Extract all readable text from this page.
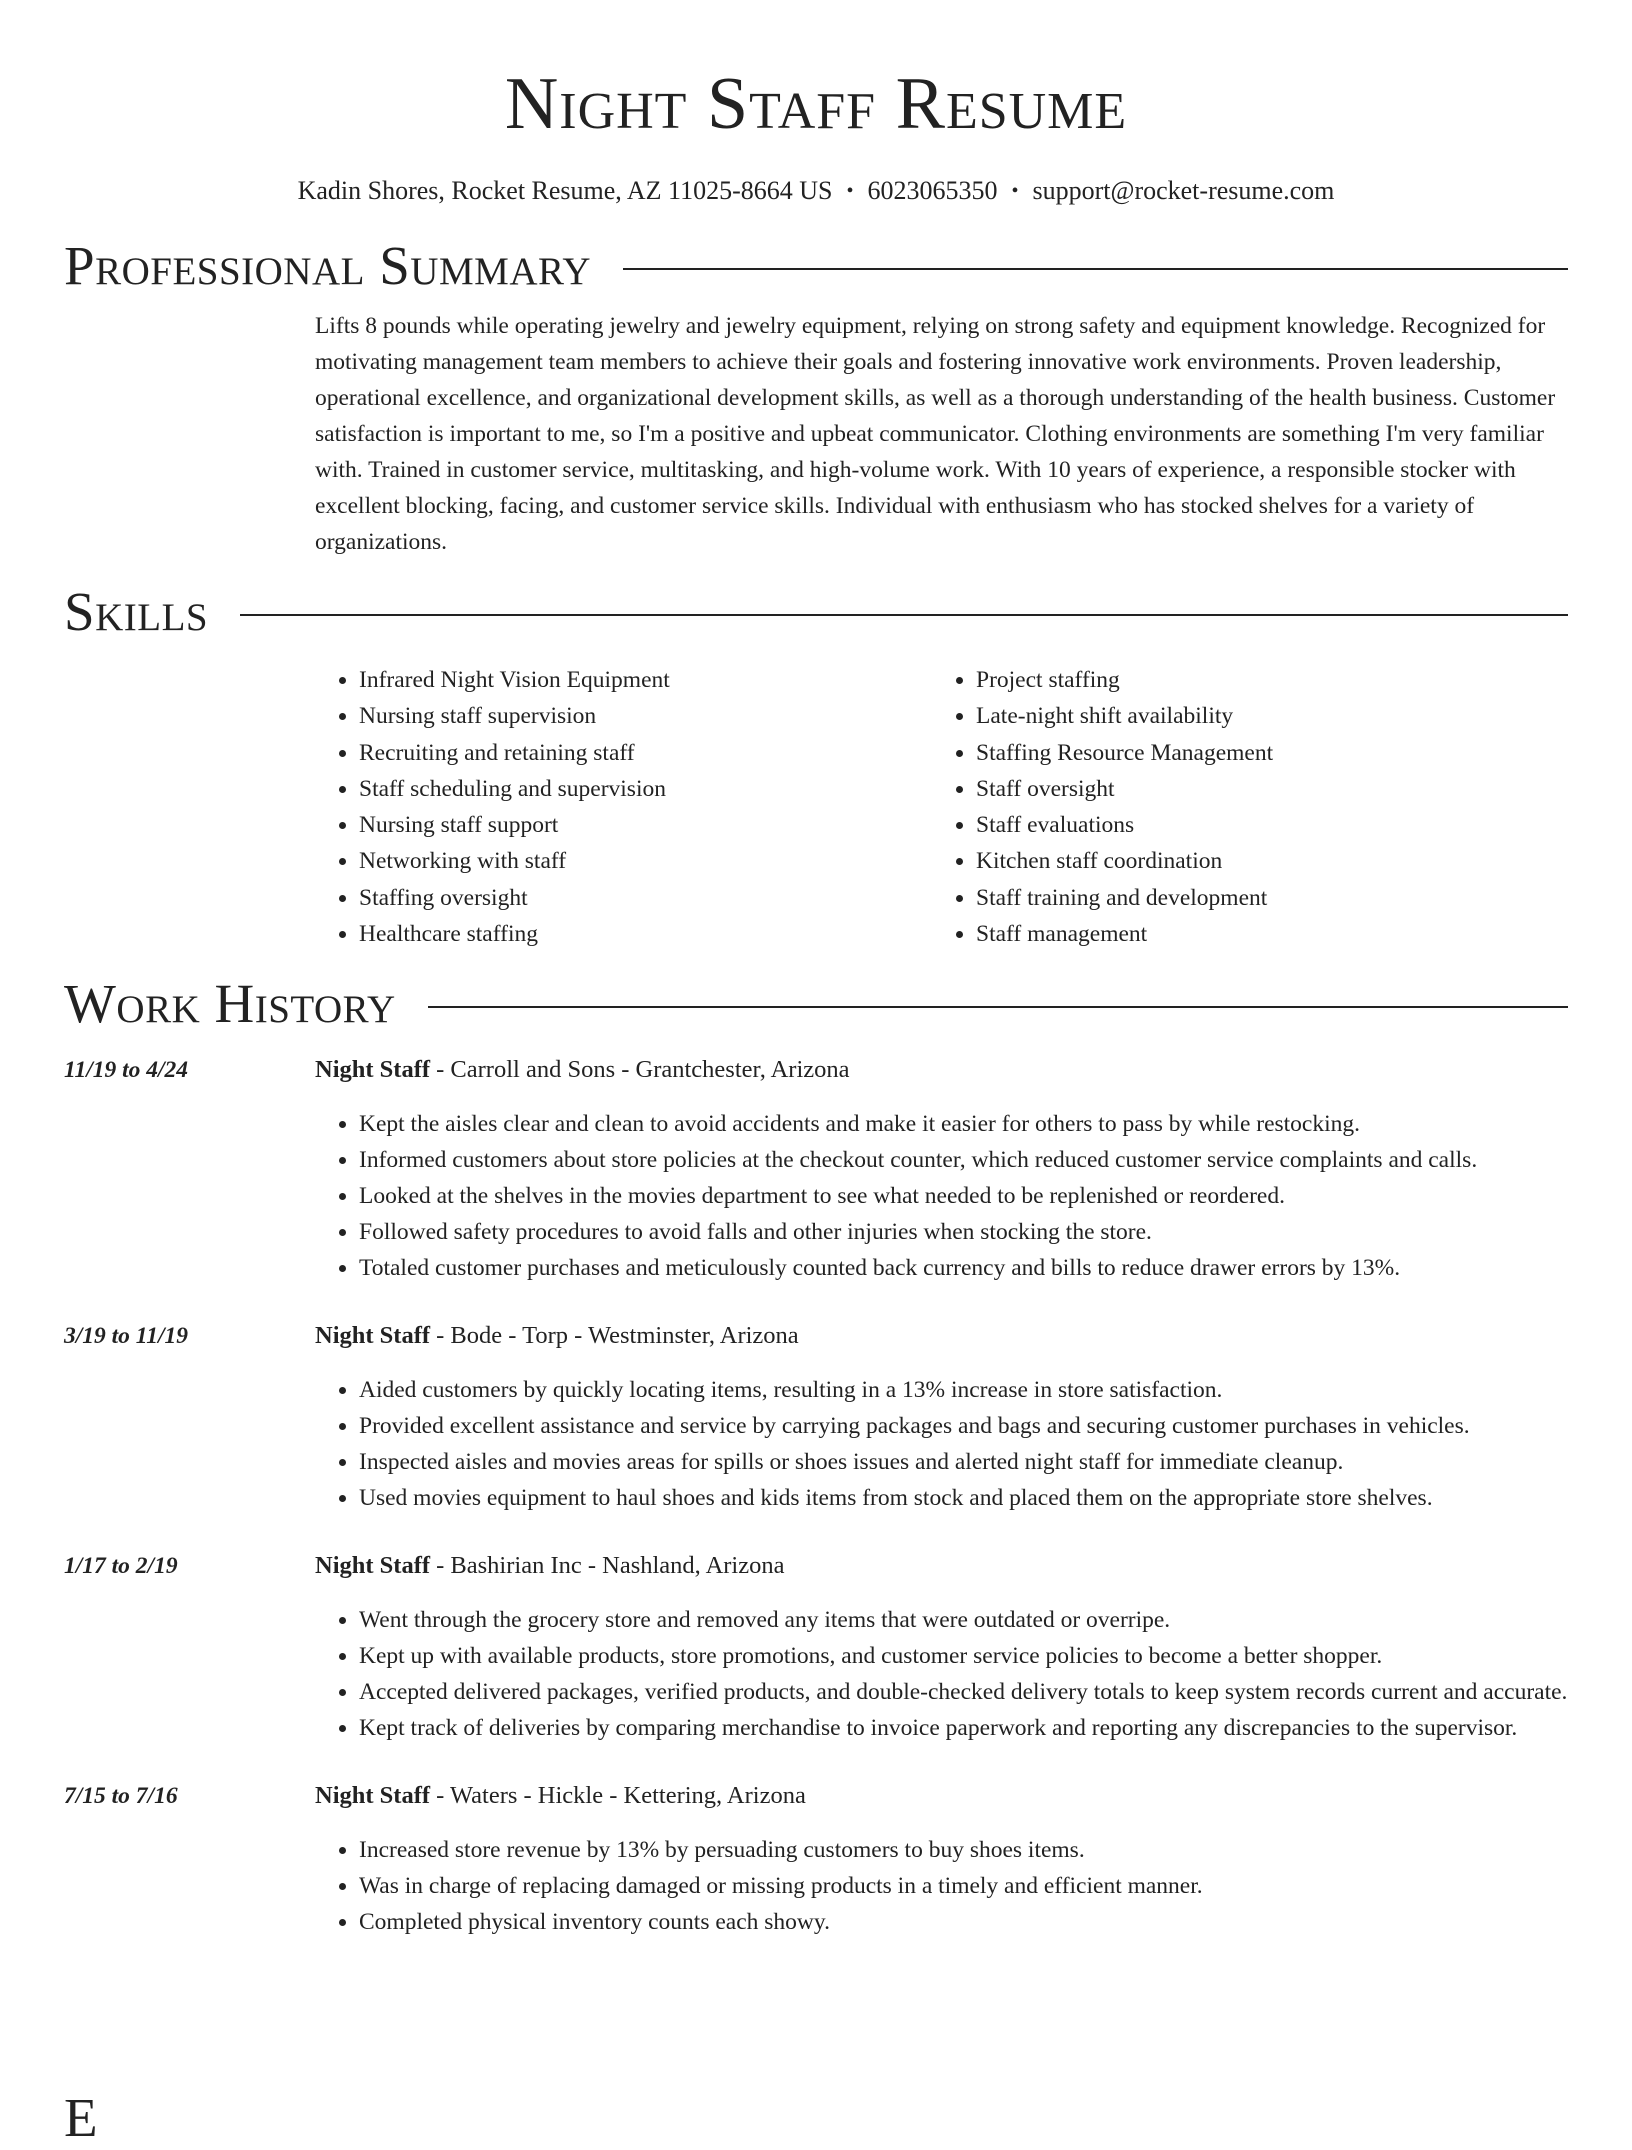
Night Staff Resume
Kadin Shores, Rocket Resume, AZ 11025-8664 US • 6023065350 • support@rocket-resume.com
Professional Summary
Lifts 8 pounds while operating jewelry and jewelry equipment, relying on strong safety and equipment knowledge. Recognized for motivating management team members to achieve their goals and fostering innovative work environments. Proven leadership, operational excellence, and organizational development skills, as well as a thorough understanding of the health business. Customer satisfaction is important to me, so I'm a positive and upbeat communicator. Clothing environments are something I'm very familiar with. Trained in customer service, multitasking, and high-volume work. With 10 years of experience, a responsible stocker with excellent blocking, facing, and customer service skills. Individual with enthusiasm who has stocked shelves for a variety of organizations.
Skills
• Infrared Night Vision Equipment
• Nursing staff supervision
• Recruiting and retaining staff
• Staff scheduling and supervision
• Nursing staff support
• Networking with staff
• Staffing oversight
• Healthcare staffing
• Project staffing
• Late-night shift availability
• Staffing Resource Management
• Staff oversight
• Staff evaluations
• Kitchen staff coordination
• Staff training and development
• Staff management
Work History
11/19 to 4/24	Night Staff - Carroll and Sons - Grantchester, Arizona
• Kept the aisles clear and clean to avoid accidents and make it easier for others to pass by while restocking.
• Informed customers about store policies at the checkout counter, which reduced customer service complaints and calls.
• Looked at the shelves in the movies department to see what needed to be replenished or reordered.
• Followed safety procedures to avoid falls and other injuries when stocking the store.
• Totaled customer purchases and meticulously counted back currency and bills to reduce drawer errors by 13%.
3/19 to 11/19	Night Staff - Bode - Torp - Westminster, Arizona
• Aided customers by quickly locating items, resulting in a 13% increase in store satisfaction.
• Provided excellent assistance and service by carrying packages and bags and securing customer purchases in vehicles.
• Inspected aisles and movies areas for spills or shoes issues and alerted night staff for immediate cleanup.
• Used movies equipment to haul shoes and kids items from stock and placed them on the appropriate store shelves.
1/17 to 2/19	Night Staff - Bashirian Inc - Nashland, Arizona
• Went through the grocery store and removed any items that were outdated or overripe.
• Kept up with available products, store promotions, and customer service policies to become a better shopper.
• Accepted delivered packages, verified products, and double-checked delivery totals to keep system records current and accurate.
• Kept track of deliveries by comparing merchandise to invoice paperwork and reporting any discrepancies to the supervisor.
7/15 to 7/16	Night Staff - Waters - Hickle - Kettering, Arizona
• Increased store revenue by 13% by persuading customers to buy shoes items.
• Was in charge of replacing damaged or missing products in a timely and efficient manner.
• Completed physical inventory counts each showy.
E
